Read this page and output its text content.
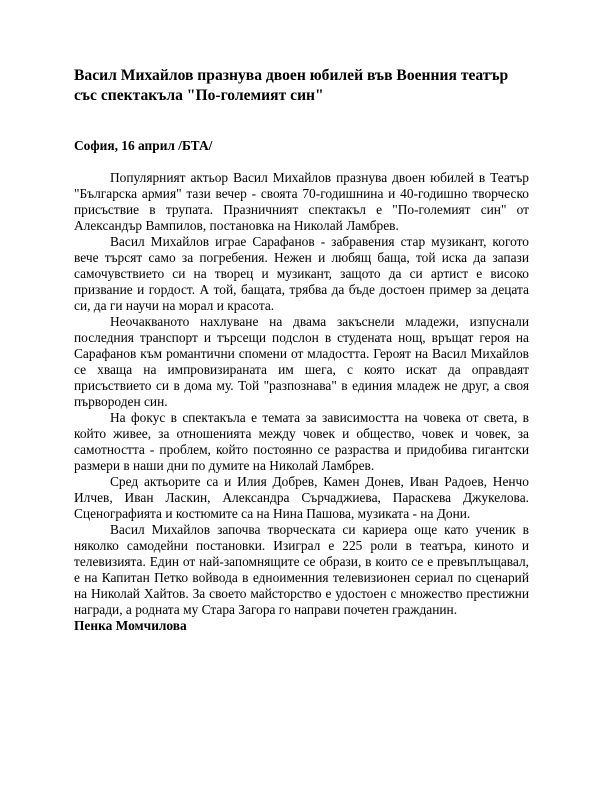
Васил Михайлов празнува двоен юбилей във Военния театър със спектакъла "По-големият син"

София, 16 април /БТА/

Популярният актьор Васил Михайлов празнува двоен юбилей в Театър "Българска армия" тази вечер - своята 70-годишнина и 40-годишно творческо присъствие в трупата. Празничният спектакъл е "По-големият син" от Александър Вампилов, постановка на Николай Ламбрев.

Васил Михайлов играе Сарафанов - забравения стар музикант, когото вече търсят само за погребения. Нежен и любящ баща, той иска да запази самочувствието си на творец и музикант, защото да си артист е високо призвание и гордост. А той, бащата, трябва да бъде достоен пример за децата си, да ги научи на морал и красота.

Неочакваното нахлуване на двама закъснели младежи, изпуснали последния транспорт и търсещи подслон в студената нощ, връщат героя на Сарафанов към романтични спомени от младостта. Героят на Васил Михайлов се хваща на импровизираната им шега, с която искат да оправдаят присъствието си в дома му. Той "разпознава" в единия младеж не друг, а своя първороден син.

На фокус в спектакъла е темата за зависимостта на човека от света, в който живее, за отношенията между човек и общество, човек и човек, за самотността - проблем, който постоянно се разраства и придобива гигантски размери в наши дни по думите на Николай Ламбрев.

Сред актьорите са и Илия Добрев, Камен Донев, Иван Радоев, Ненчо Илчев, Иван Ласкин, Александра Сърчаджиева, Параскева Джукелова. Сценографията и костюмите са на Нина Пашова, музиката - на Дони.

Васил Михайлов започва творческата си кариера още като ученик в няколко самодейни постановки. Изиграл е 225 роли в театъра, киното и телевизията. Един от най-запомнящите се образи, в които се е превъплъщавал, е на Капитан Петко войвода в едноименния телевизионен сериал по сценарий на Николай Хайтов. За своето майсторство е удостоен с множество престижни награди, а родната му Стара Загора го направи почетен гражданин.

Пенка Момчилова
